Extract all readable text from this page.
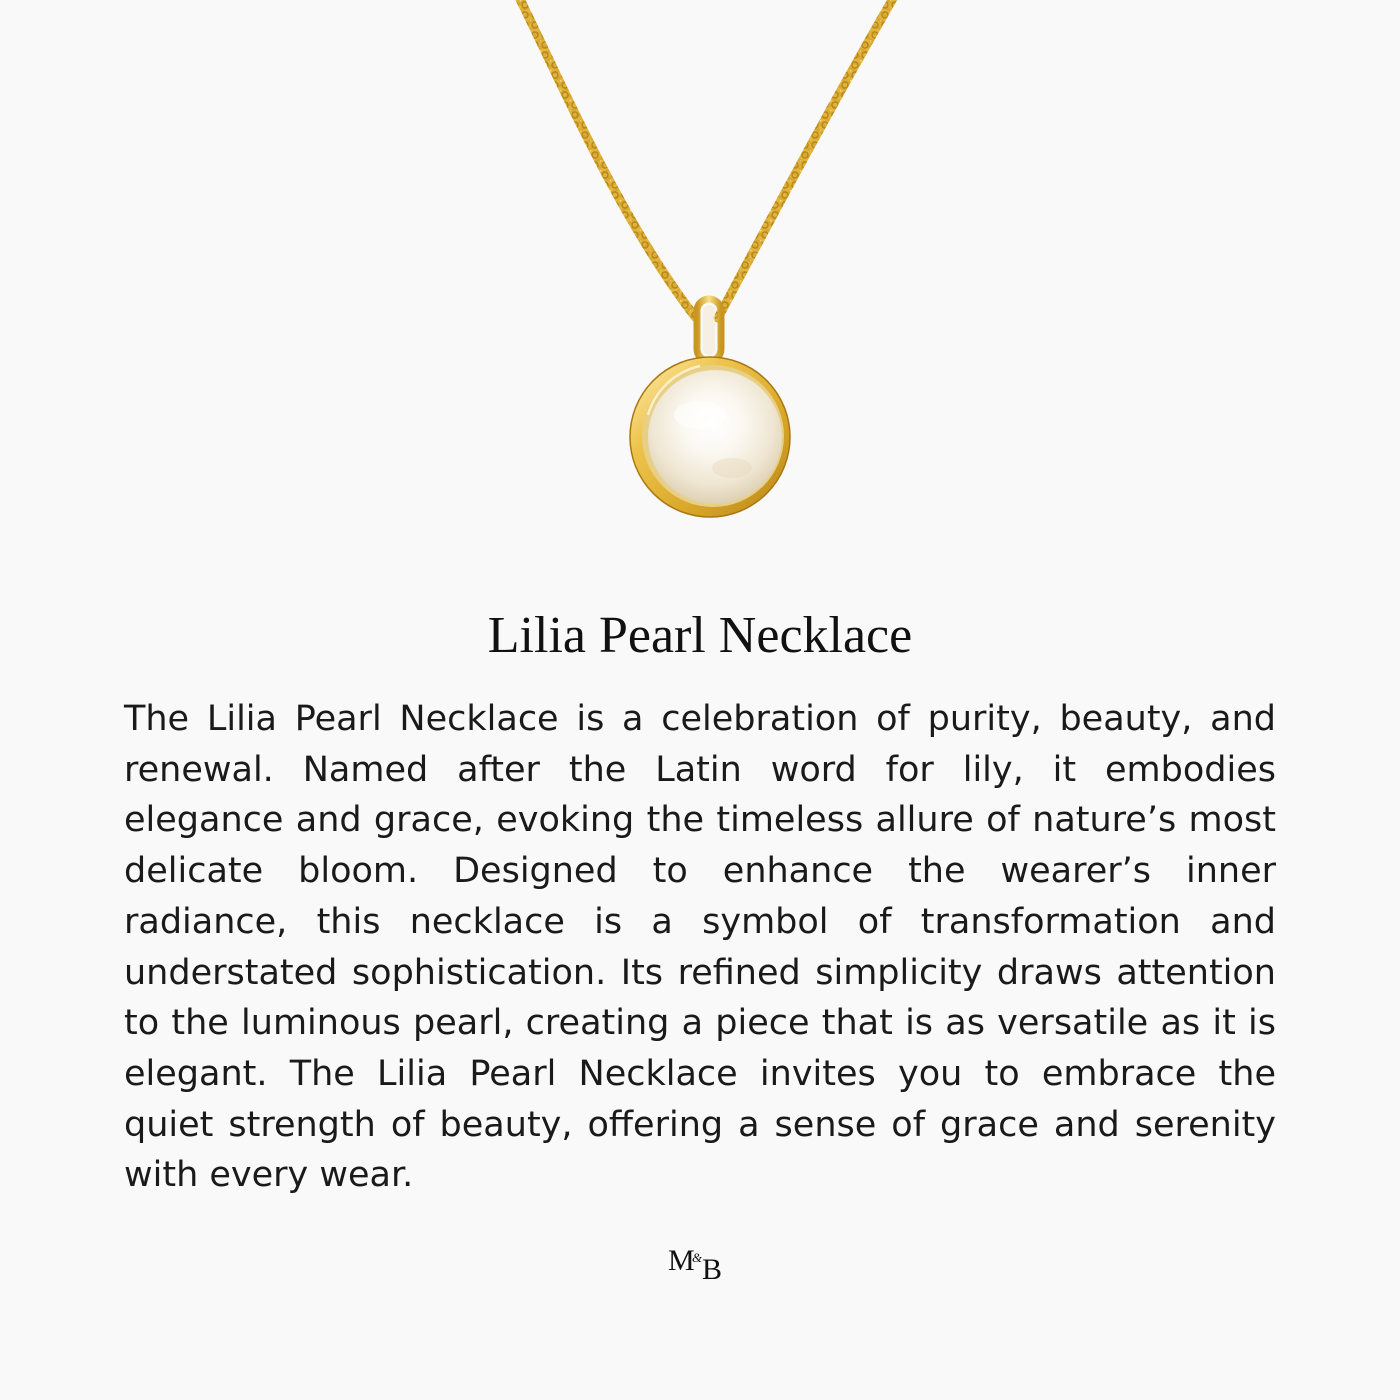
Lilia Pearl Necklace

The Lilia Pearl Necklace is a celebration of purity, beauty, and renewal. Named after the Latin word for lily, it embodies elegance and grace, evoking the timeless allure of nature’s most delicate bloom. Designed to enhance the wearer’s inner radiance, this necklace is a symbol of transformation and understated sophistication. Its refined simplicity draws attention to the luminous pearl, creating a piece that is as versatile as it is elegant. The Lilia Pearl Necklace invites you to embrace the quiet strength of beauty, offering a sense of grace and serenity with every wear.

M
& B
